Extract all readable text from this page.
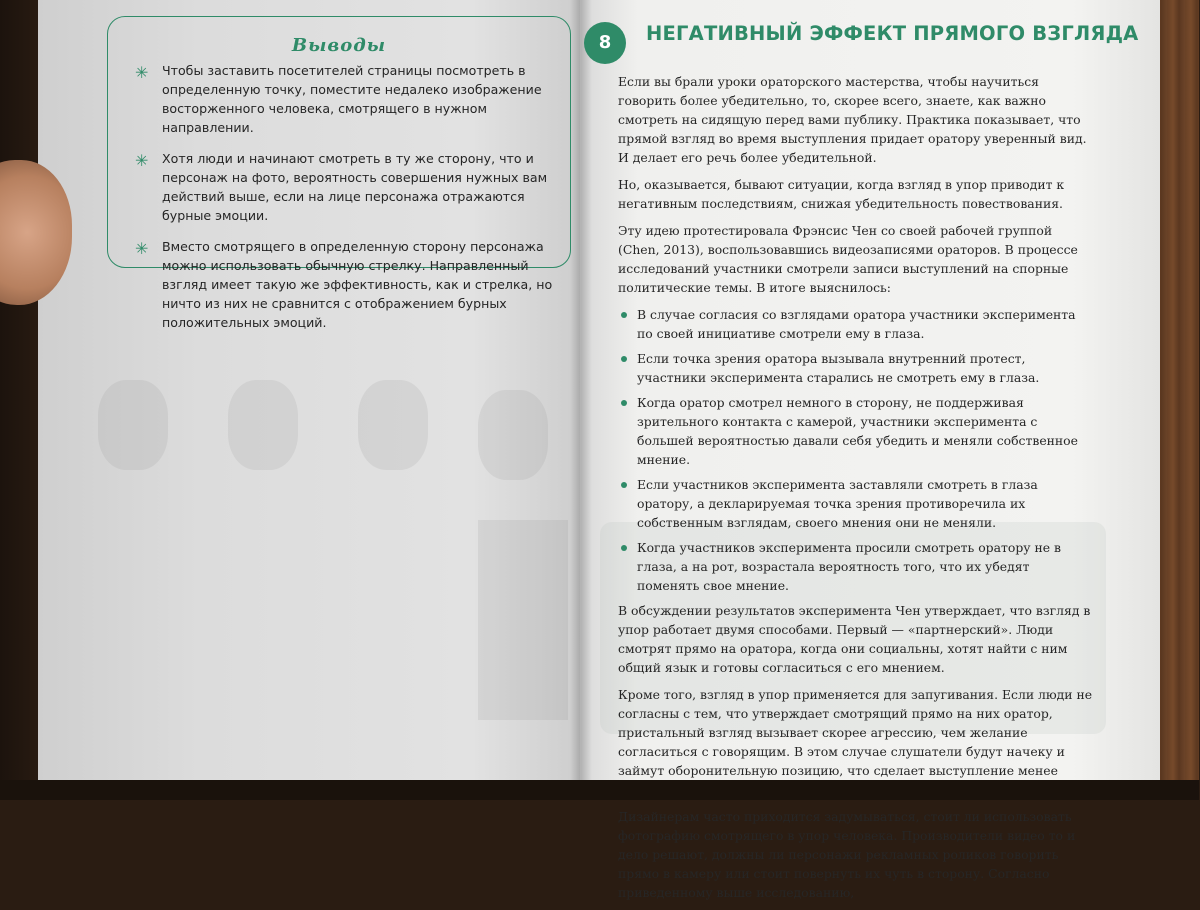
Выводы
✳ Чтобы заставить посетителей страницы посмотреть в определенную точку, поместите недалеко изображение восторженного человека, смотрящего в нужном направлении.
✳ Хотя люди и начинают смотреть в ту же сторону, что и персонаж на фото, вероятность совершения нужных вам действий выше, если на лице персонажа отражаются бурные эмоции.
✳ Вместо смотрящего в определенную сторону персонажа можно использовать обычную стрелку. Направленный взгляд имеет такую же эффективность, как и стрелка, но ничто из них не сравнится с отображением бурных положительных эмоций.
8	НЕГАТИВНЫЙ ЭФФЕКТ ПРЯМОГО ВЗГЛЯДА

Если вы брали уроки ораторского мастерства, чтобы научиться говорить более убедительно, то, скорее всего, знаете, как важно смотреть на сидящую перед вами публику. Практика показывает, что прямой взгляд во время выступления придает оратору уверенный вид. И делает его речь более убедительной.

Но, оказывается, бывают ситуации, когда взгляд в упор приводит к негативным последствиям, снижая убедительность повествования.

Эту идею протестировала Фрэнсис Чен со своей рабочей группой (Chen, 2013), воспользовавшись видеозаписями ораторов. В процессе исследований участники смотрели записи выступлений на спорные политические темы. В итоге выяснилось:

В случае согласия со взглядами оратора участники эксперимента по своей инициативе смотрели ему в глаза.
Если точка зрения оратора вызывала внутренний протест, участники эксперимента старались не смотреть ему в глаза.
Когда оратор смотрел немного в сторону, не поддерживая зрительного контакта с камерой, участники эксперимента с большей вероятностью давали себя убедить и меняли собственное мнение.
Если участников эксперимента заставляли смотреть в глаза оратору, а декларируемая точка зрения противоречила их собственным взглядам, своего мнения они не меняли.
Когда участников эксперимента просили смотреть оратору не в глаза, а на рот, возрастала вероятность того, что их убедят поменять свое мнение.

В обсуждении результатов эксперимента Чен утверждает, что взгляд в упор работает двумя способами. Первый — «партнерский». Люди смотрят прямо на оратора, когда они социальны, хотят найти с ним общий язык и готовы согласиться с его мнением.

Кроме того, взгляд в упор применяется для запугивания. Если люди не согласны с тем, что утверждает смотрящий прямо на них оратор, пристальный взгляд вызывает скорее агрессию, чем желание согласиться с говорящим. В этом случае слушатели будут начеку и займут оборонительную позицию, что сделает выступление менее

Дизайнерам часто приходится задумываться, стоит ли использовать фотографию смотрящего в упор человека. Производители видео то и дело решают, должны ли персонажи рекламных роликов говорить прямо в камеру или стоит повернуть их чуть в сторону. Согласно приведенному выше исследованию,
